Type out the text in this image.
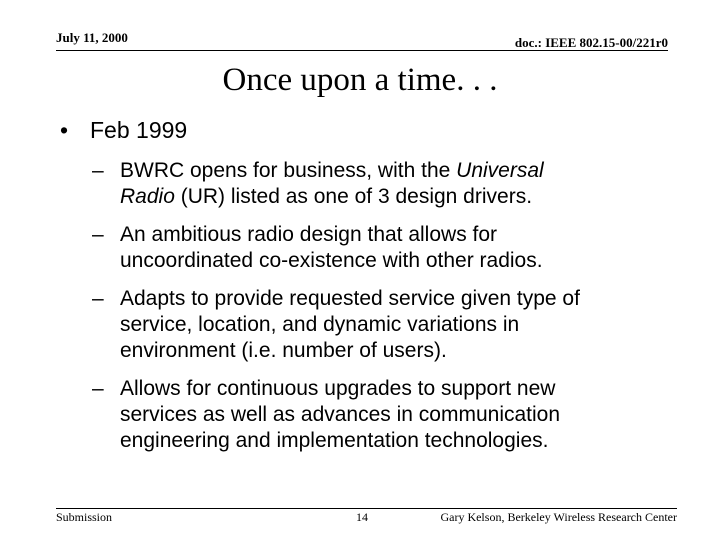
July 11, 2000	doc.: IEEE 802.15-00/221r0
Once upon a time. . .
• Feb 1999
– BWRC opens for business, with the Universal
Radio (UR) listed as one of 3 design drivers.
– An ambitious radio design that allows for
uncoordinated co-existence with other radios.
– Adapts to provide requested service given type of
service, location, and dynamic variations in
environment (i.e. number of users).
– Allows for continuous upgrades to support new
services as well as advances in communication
engineering and implementation technologies.
Submission	14	Gary Kelson, Berkeley Wireless Research Center
